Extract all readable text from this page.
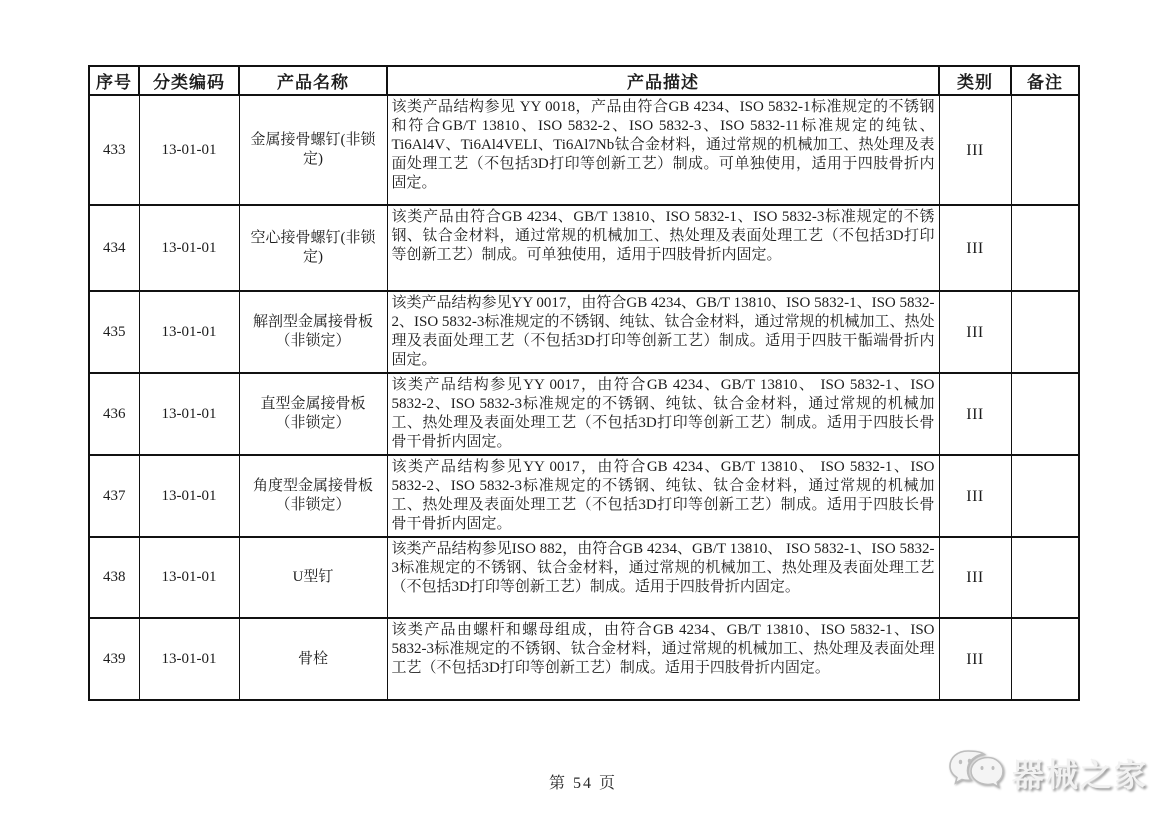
序号	分类编码	产品名称	产品描述	类别	备注
433	13-01-01	金属接骨螺钉(非锁定)	该类产品结构参见 YY 0018，产品由符合GB 4234、ISO 5832-1标准规定的不锈钢和符合GB/T 13810、ISO 5832-2、ISO 5832-3、ISO 5832-11标准规定的纯钛、Ti6Al4V、Ti6Al4VELI、Ti6Al7Nb钛合金材料，通过常规的机械加工、热处理及表面处理工艺（不包括3D打印等创新工艺）制成。可单独使用，适用于四肢骨折内固定。	III	
434	13-01-01	空心接骨螺钉(非锁定)	该类产品由符合GB 4234、GB/T 13810、ISO 5832-1、ISO 5832-3标准规定的不锈钢、钛合金材料，通过常规的机械加工、热处理及表面处理工艺（不包括3D打印等创新工艺）制成。可单独使用，适用于四肢骨折内固定。	III	
435	13-01-01	解剖型金属接骨板（非锁定）	该类产品结构参见YY 0017，由符合GB 4234、GB/T 13810、ISO 5832-1、ISO 5832-2、ISO 5832-3标准规定的不锈钢、纯钛、钛合金材料，通过常规的机械加工、热处理及表面处理工艺（不包括3D打印等创新工艺）制成。适用于四肢干骺端骨折内固定。	III	
436	13-01-01	直型金属接骨板（非锁定）	该类产品结构参见YY 0017，由符合GB 4234、GB/T 13810、 ISO 5832-1、ISO 5832-2、ISO 5832-3标准规定的不锈钢、纯钛、钛合金材料，通过常规的机械加工、热处理及表面处理工艺（不包括3D打印等创新工艺）制成。适用于四肢长骨骨干骨折内固定。	III	
437	13-01-01	角度型金属接骨板（非锁定）	该类产品结构参见YY 0017，由符合GB 4234、GB/T 13810、 ISO 5832-1、ISO 5832-2、ISO 5832-3标准规定的不锈钢、纯钛、钛合金材料，通过常规的机械加工、热处理及表面处理工艺（不包括3D打印等创新工艺）制成。适用于四肢长骨骨干骨折内固定。	III	
438	13-01-01	U型钉	该类产品结构参见ISO 882，由符合GB 4234、GB/T 13810、 ISO 5832-1、ISO 5832-3标准规定的不锈钢、钛合金材料，通过常规的机械加工、热处理及表面处理工艺（不包括3D打印等创新工艺）制成。适用于四肢骨折内固定。	III	
439	13-01-01	骨栓	该类产品由螺杆和螺母组成，由符合GB 4234、GB/T 13810、ISO 5832-1、ISO 5832-3标准规定的不锈钢、钛合金材料，通过常规的机械加工、热处理及表面处理工艺（不包括3D打印等创新工艺）制成。适用于四肢骨折内固定。	III	
第 54 页	器械之家
